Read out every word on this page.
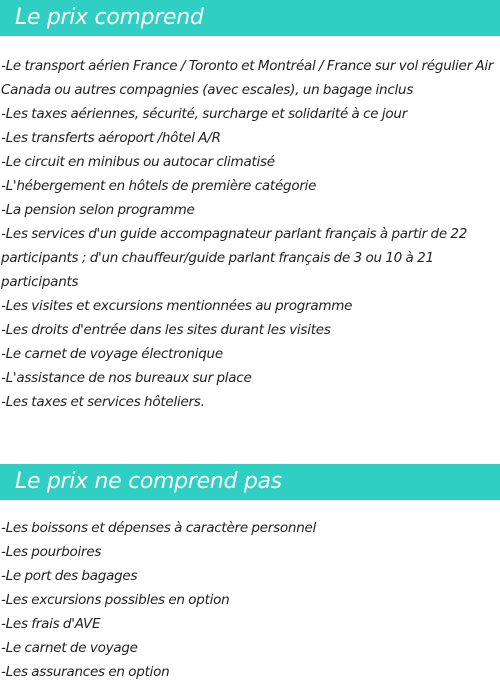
Le prix comprend
-Le transport aérien France / Toronto et Montréal / France sur vol régulier Air Canada ou autres compagnies (avec escales), un bagage inclus
-Les taxes aériennes, sécurité, surcharge et solidarité à ce jour
-Les transferts aéroport /hôtel A/R
-Le circuit en minibus ou autocar climatisé
-L'hébergement en hôtels de première catégorie
-La pension selon programme
-Les services d'un guide accompagnateur parlant français à partir de 22 participants ; d'un chauffeur/guide parlant français de 3 ou 10 à 21 participants
-Les visites et excursions mentionnées au programme
-Les droits d'entrée dans les sites durant les visites
-Le carnet de voyage électronique
-L'assistance de nos bureaux sur place
-Les taxes et services hôteliers.
Le prix ne comprend pas
-Les boissons et dépenses à caractère personnel
-Les pourboires
-Le port des bagages
-Les excursions possibles en option
-Les frais d'AVE
-Le carnet de voyage
-Les assurances en option
